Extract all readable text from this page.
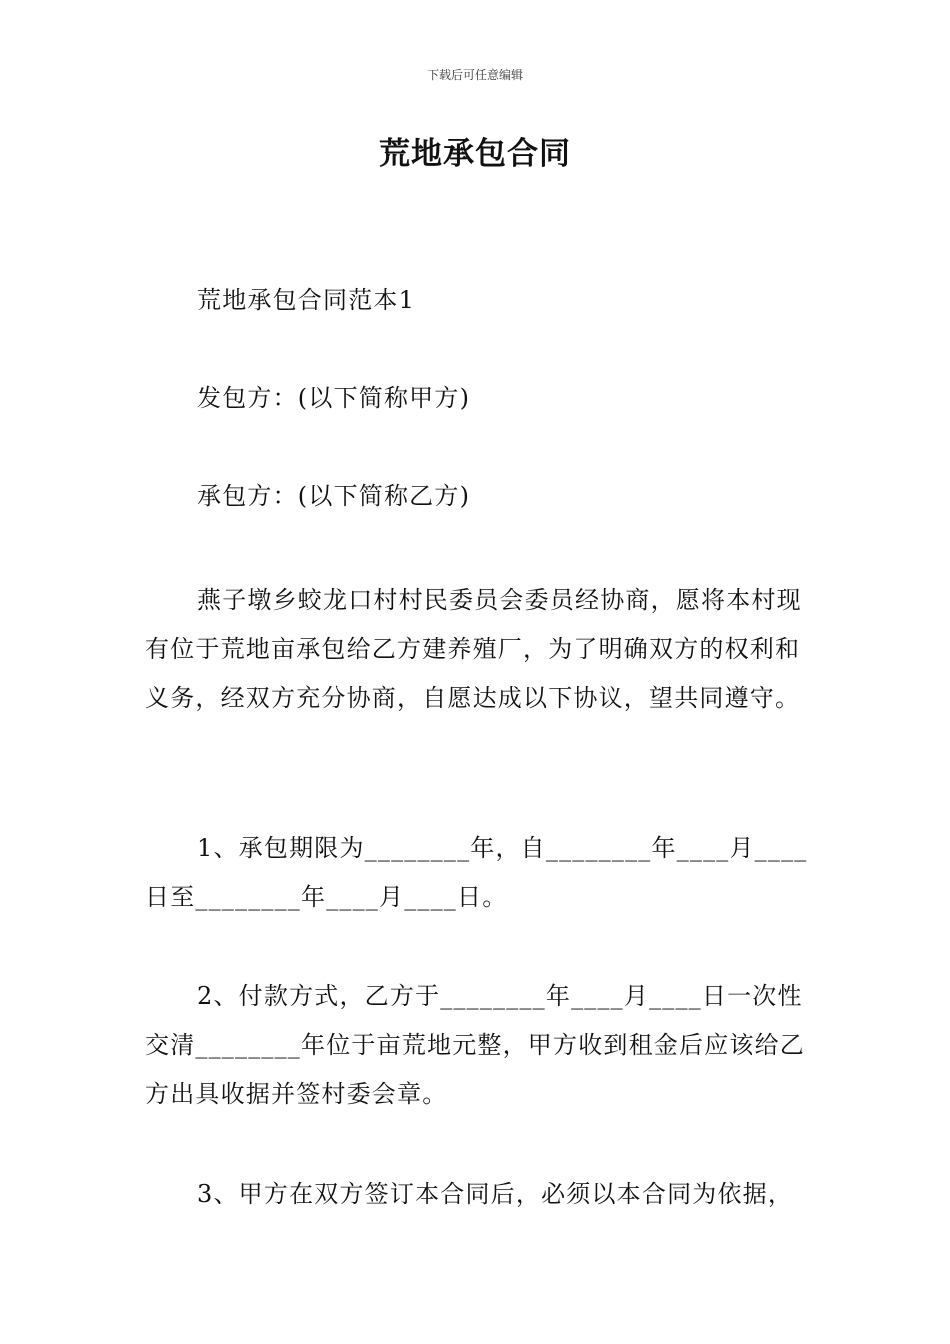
下载后可任意编辑
荒地承包合同
荒地承包合同范本1
发包方：(以下简称甲方)
承包方：(以下简称乙方)
燕子墩乡蛟龙口村村民委员会委员经协商，愿将本村现有位于荒地亩承包给乙方建养殖厂，为了明确双方的权利和义务，经双方充分协商，自愿达成以下协议，望共同遵守。
1、承包期限为________年，自________年____月____日至________年____月____日。
2、付款方式，乙方于________年____月____日一次性交清________年位于亩荒地元整，甲方收到租金后应该给乙方出具收据并签村委会章。
3、甲方在双方签订本合同后，必须以本合同为依据，
